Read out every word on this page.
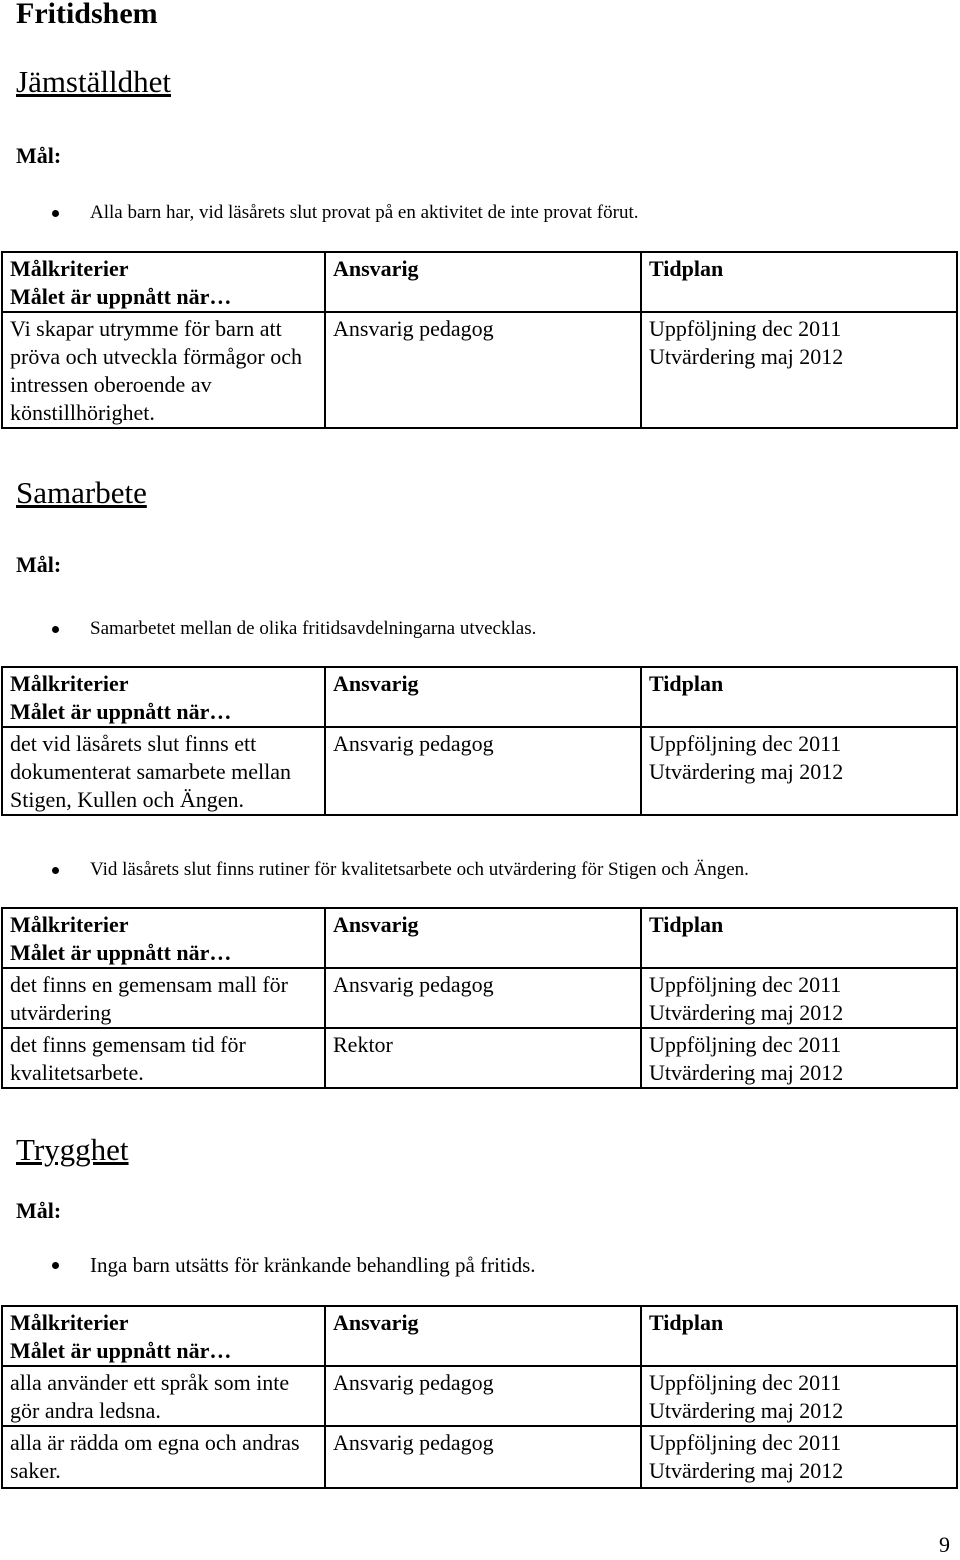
Fritidshem
Jämställdhet
Mål:
Alla barn har, vid läsårets slut provat på en aktivitet de inte provat förut.
Målkriterier
Målet är uppnått när…	Ansvarig	Tidplan
Vi skapar utrymme för barn att pröva och utveckla förmågor och intressen oberoende av könstillhörighet.	Ansvarig pedagog	Uppföljning dec 2011
Utvärdering maj 2012
Samarbete
Mål:
Samarbetet mellan de olika fritidsavdelningarna utvecklas.
Målkriterier
Målet är uppnått när…	Ansvarig	Tidplan
det vid läsårets slut finns ett dokumenterat samarbete mellan Stigen, Kullen och Ängen.	Ansvarig pedagog	Uppföljning dec 2011
Utvärdering maj 2012
Vid läsårets slut finns rutiner för kvalitetsarbete och utvärdering för Stigen och Ängen.
Målkriterier
Målet är uppnått när…	Ansvarig	Tidplan
det finns en gemensam mall för utvärdering	Ansvarig pedagog	Uppföljning dec 2011
Utvärdering maj 2012

det finns gemensam tid för kvalitetsarbete.	Rektor	Uppföljning dec 2011
Utvärdering maj 2012
Trygghet
Mål:
Inga barn utsätts för kränkande behandling på fritids.
Målkriterier
Målet är uppnått när…	Ansvarig	Tidplan
alla använder ett språk som inte gör andra ledsna.	Ansvarig pedagog	Uppföljning dec 2011
Utvärdering maj 2012

alla är rädda om egna och andras saker.	Ansvarig pedagog	Uppföljning dec 2011
Utvärdering maj 2012
9
